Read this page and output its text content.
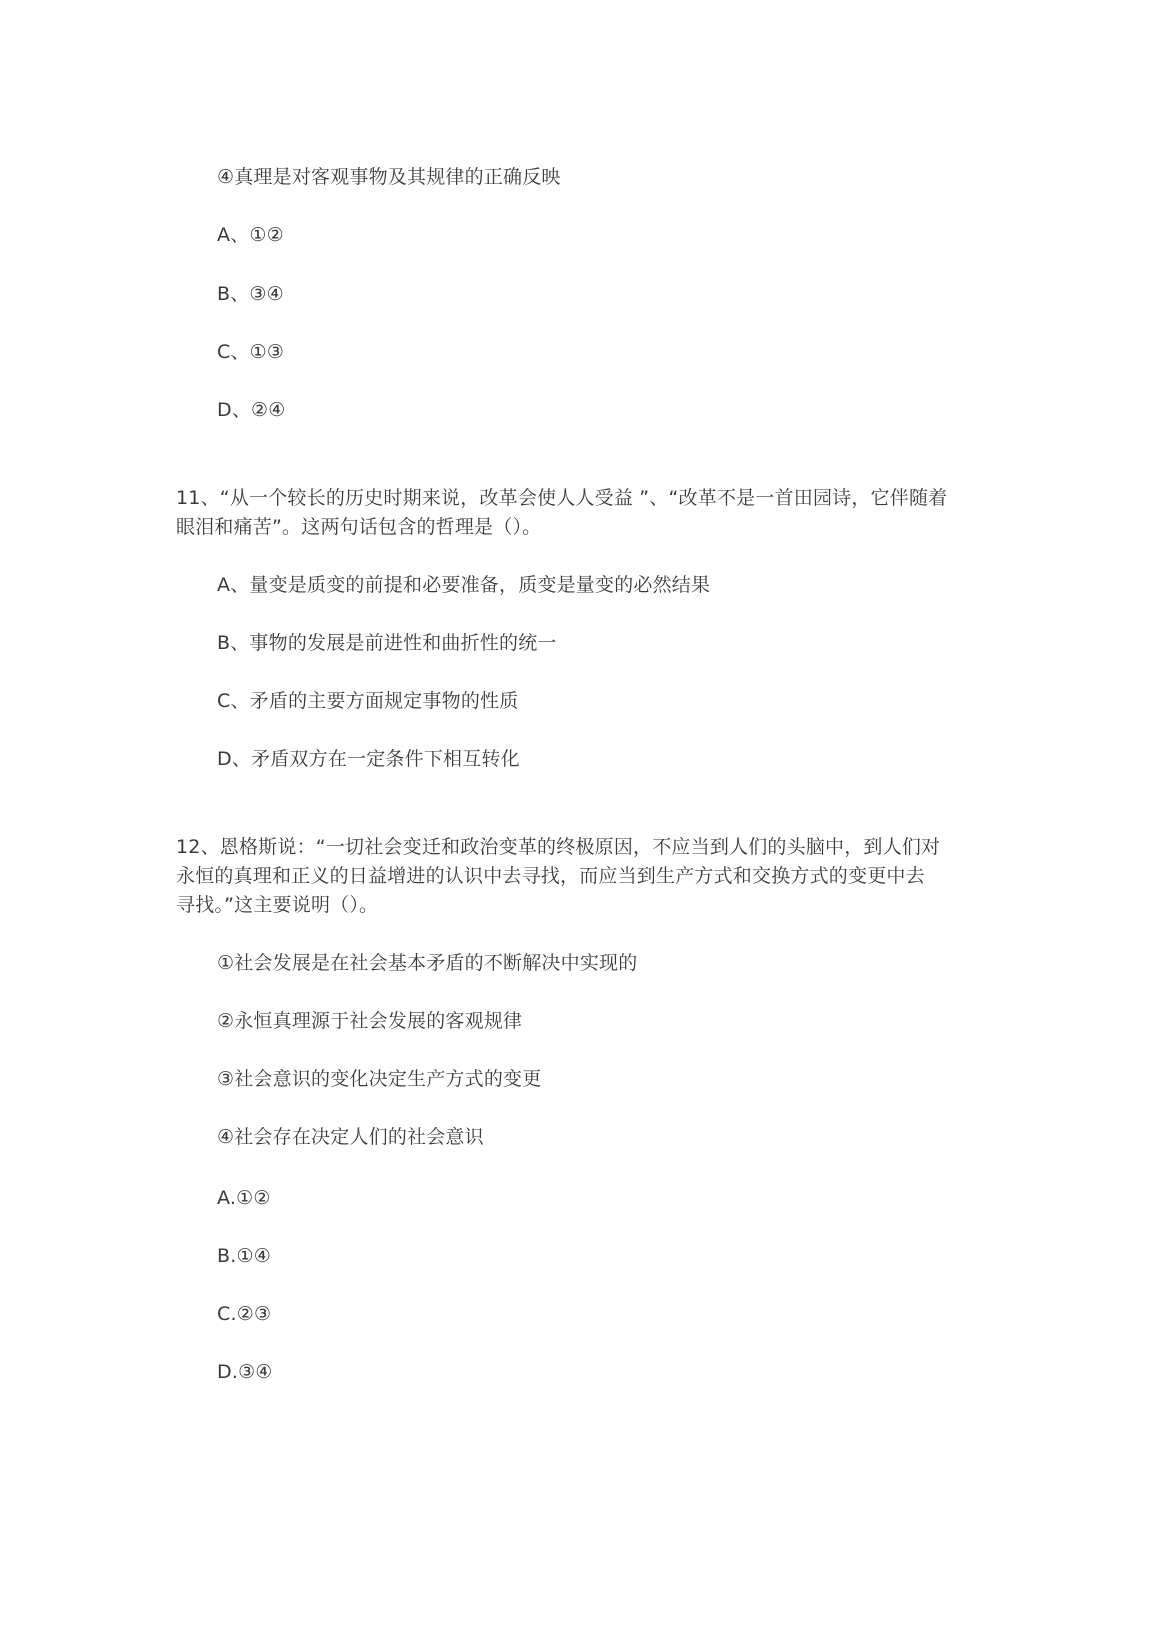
④真理是对客观事物及其规律的正确反映
A、①②
B、③④
C、①③
D、②④
11、“从一个较长的历史时期来说，改革会使人人受益 ”、“改革不是一首田园诗，它伴随着
眼泪和痛苦”。这两句话包含的哲理是（）。
A、量变是质变的前提和必要准备，质变是量变的必然结果
B、事物的发展是前进性和曲折性的统一
C、矛盾的主要方面规定事物的性质
D、矛盾双方在一定条件下相互转化
12、恩格斯说：“一切社会变迁和政治变革的终极原因，不应当到人们的头脑中，到人们对
永恒的真理和正义的日益增进的认识中去寻找，而应当到生产方式和交换方式的变更中去
寻找。”这主要说明（）。
①社会发展是在社会基本矛盾的不断解决中实现的
②永恒真理源于社会发展的客观规律
③社会意识的变化决定生产方式的变更
④社会存在决定人们的社会意识
A.①②
B.①④
C.②③
D.③④
